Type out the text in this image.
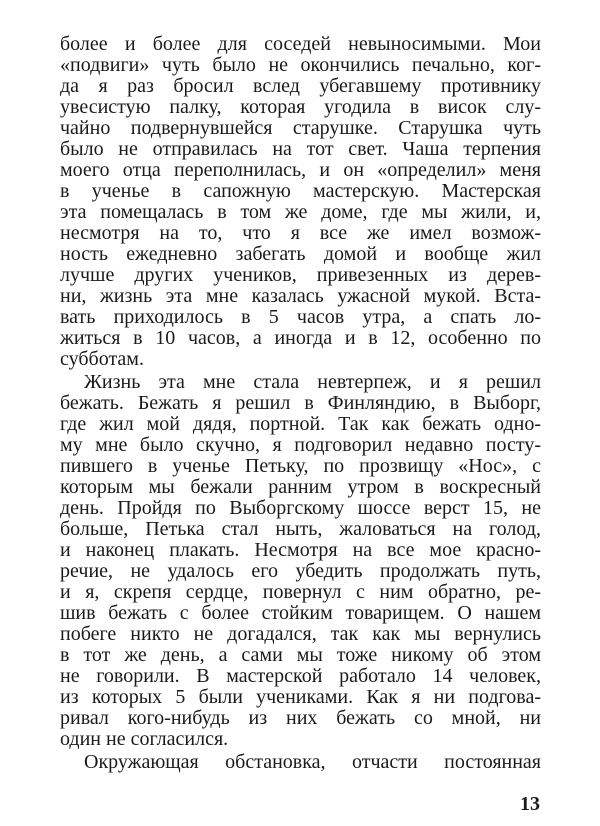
более и более для соседей невыносимыми. Мои
«подвиги» чуть было не окончились печально, ког-
да я раз бросил вслед убегавшему противнику
увесистую палку, которая угодила в висок слу-
чайно подвернувшейся старушке. Старушка чуть
было не отправилась на тот свет. Чаша терпения
моего отца переполнилась, и он «определил» меня
в ученье в сапожную мастерскую. Мастерская
эта помещалась в том же доме, где мы жили, и,
несмотря на то, что я все же имел возмож-
ность ежедневно забегать домой и вообще жил
лучше других учеников, привезенных из дерев-
ни, жизнь эта мне казалась ужасной мукой. Вста-
вать приходилось в 5 часов утра, а спать ло-
житься в 10 часов, а иногда и в 12, особенно по
субботам.
Жизнь эта мне стала невтерпеж, и я решил
бежать. Бежать я решил в Финляндию, в Выборг,
где жил мой дядя, портной. Так как бежать одно-
му мне было скучно, я подговорил недавно посту-
пившего в ученье Петьку, по прозвищу «Нос», с
которым мы бежали ранним утром в воскресный
день. Пройдя по Выборгскому шоссе верст 15, не
больше, Петька стал ныть, жаловаться на голод,
и наконец плакать. Несмотря на все мое красно-
речие, не удалось его убедить продолжать путь,
и я, скрепя сердце, повернул с ним обратно, ре-
шив бежать с более стойким товарищем. О нашем
побеге никто не догадался, так как мы вернулись
в тот же день, а сами мы тоже никому об этом
не говорили. В мастерской работало 14 человек,
из которых 5 были учениками. Как я ни подгова-
ривал кого-нибудь из них бежать со мной, ни
один не согласился.
Окружающая обстановка, отчасти постоянная
13
